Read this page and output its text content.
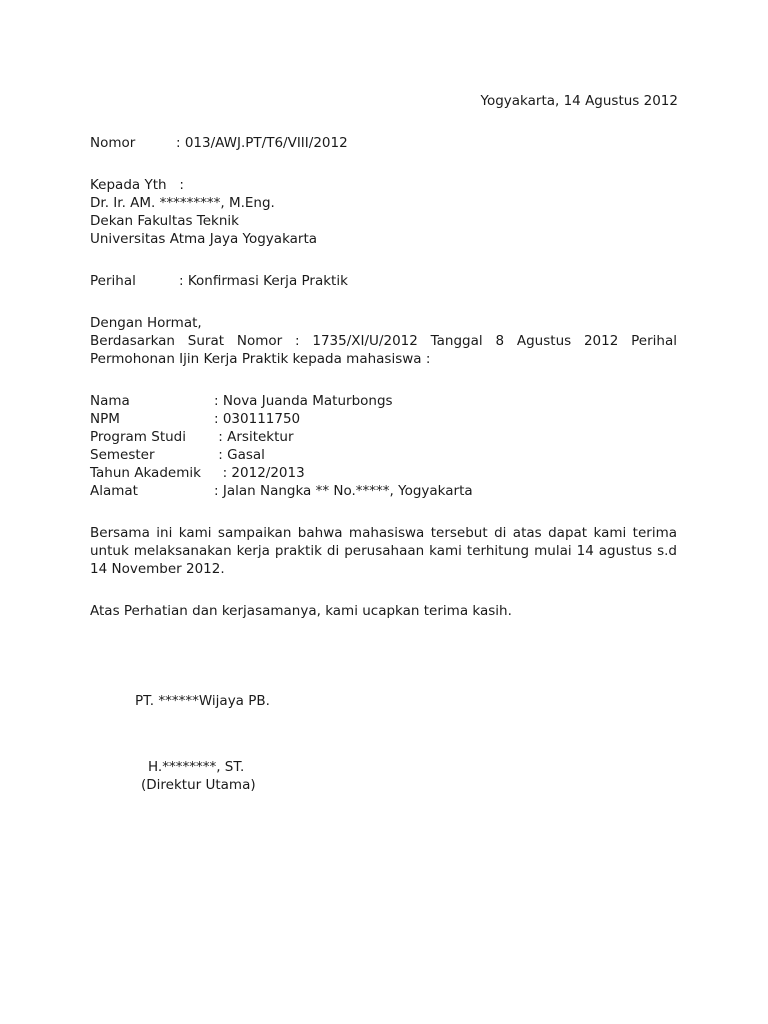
Yogyakarta, 14 Agustus 2012
Nomor	: 013/AWJ.PT/T6/VIII/2012
Kepada Yth   :
Dr. Ir. AM. *********, M.Eng.
Dekan Fakultas Teknik
Universitas Atma Jaya Yogyakarta
Perihal	: Konfirmasi Kerja Praktik
Dengan Hormat,
Berdasarkan Surat Nomor : 1735/XI/U/2012 Tanggal 8 Agustus 2012 Perihal
Permohonan Ijin Kerja Praktik kepada mahasiswa :
Nama	: Nova Juanda Maturbongs
NPM	: 030111750
Program Studi	: Arsitektur
Semester	: Gasal
Tahun Akademik : 2012/2013
Alamat	: Jalan Nangka ** No.*****, Yogyakarta
Bersama ini kami sampaikan bahwa mahasiswa tersebut di atas dapat kami terima untuk melaksanakan kerja praktik di perusahaan kami terhitung mulai 14 agustus s.d 14 November 2012.
Atas Perhatian dan kerjasamanya, kami ucapkan terima kasih.
PT. ******Wijaya PB.
H.********, ST.
(Direktur Utama)
